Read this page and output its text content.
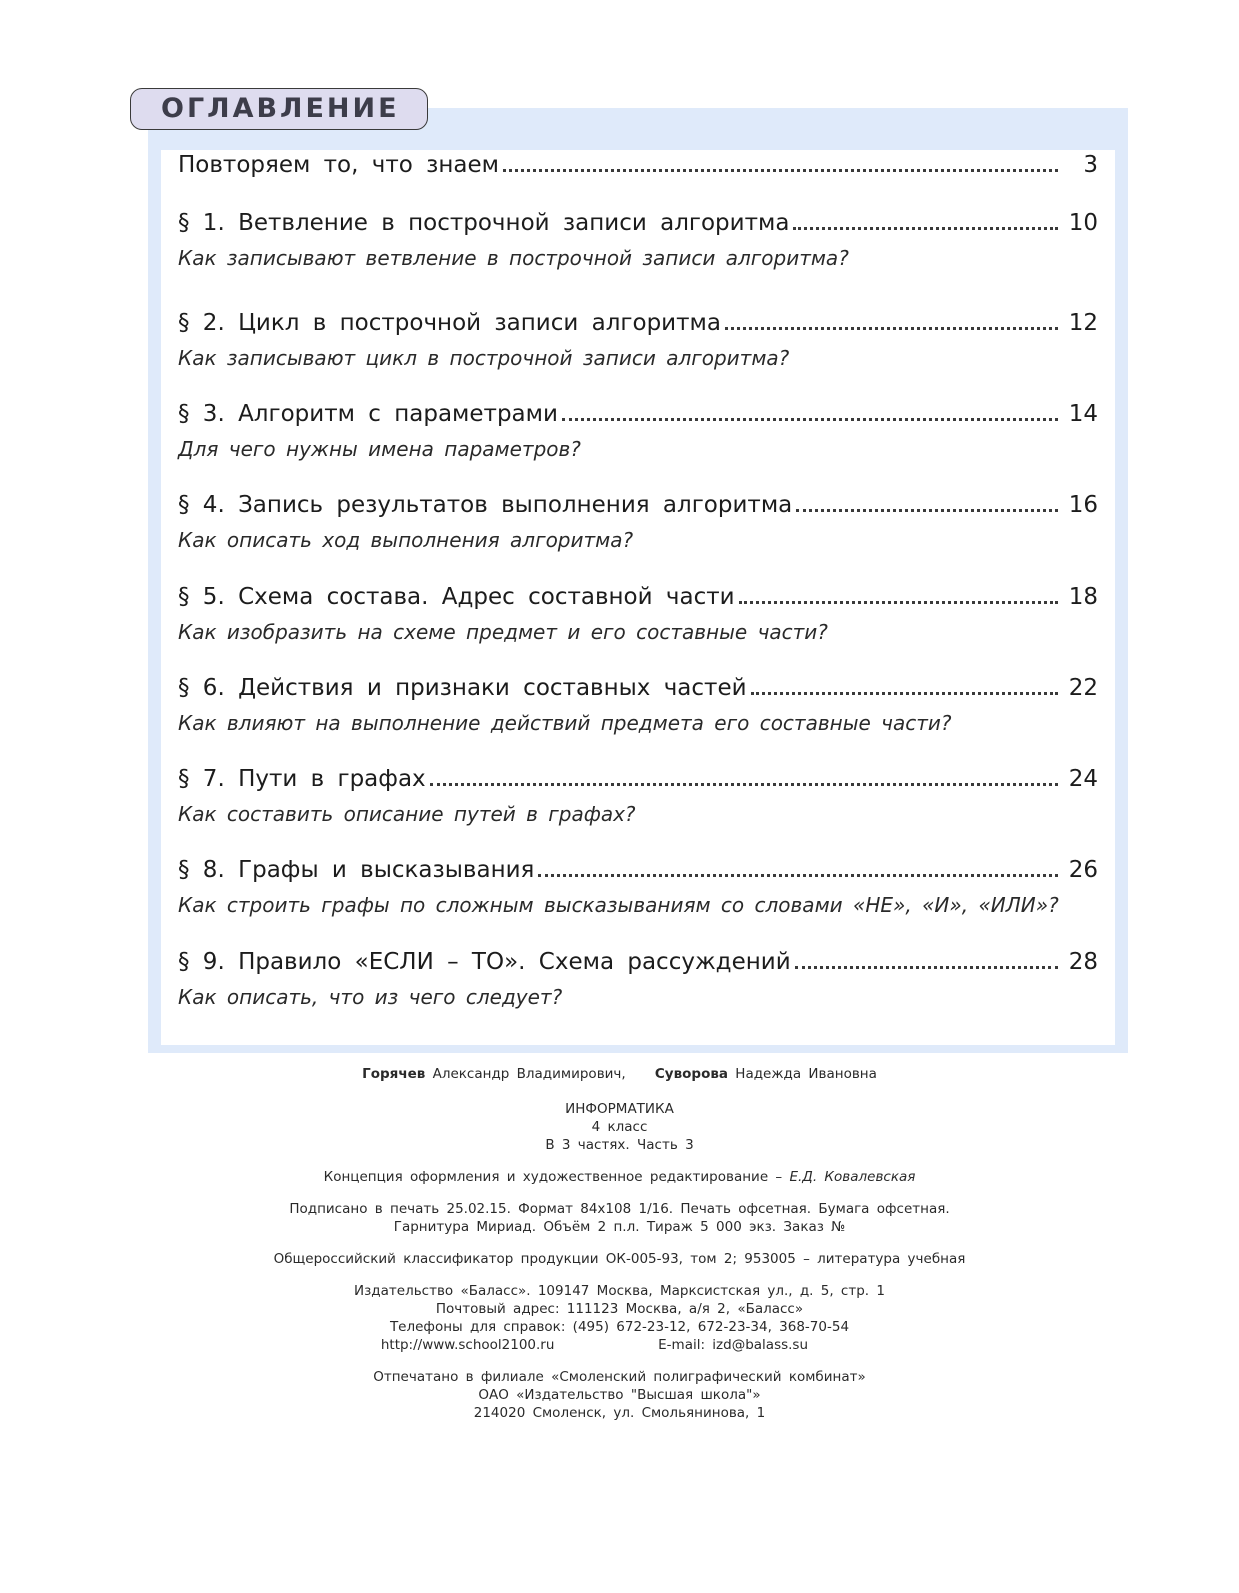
ОГЛАВЛЕНИЕ
Повторяем то, что знаем	3
§ 1. Ветвление в построчной записи алгоритма	10
Как записывают ветвление в построчной записи алгоритма?
§ 2. Цикл в построчной записи алгоритма	12
Как записывают цикл в построчной записи алгоритма?
§ 3. Алгоритм с параметрами	14
Для чего нужны имена параметров?
§ 4. Запись результатов выполнения алгоритма	16
Как описать ход выполнения алгоритма?
§ 5. Схема состава. Адрес составной части	18
Как изобразить на схеме предмет и его составные части?
§ 6. Действия и признаки составных частей	22
Как влияют на выполнение действий предмета его составные части?
§ 7. Пути в графах	24
Как составить описание путей в графах?
§ 8. Графы и высказывания	26
Как строить графы по сложным высказываниям со словами «НЕ», «И», «ИЛИ»?
§ 9. Правило «ЕСЛИ – ТО». Схема рассуждений	28
Как описать, что из чего следует?
Горячев Александр Владимирович, Суворова Надежда Ивановна
ИНФОРМАТИКА
4 класс
В 3 частях. Часть 3
Концепция оформления и художественное редактирование – Е.Д. Ковалевская
Подписано в печать 25.02.15. Формат 84х108 1/16. Печать офсетная. Бумага офсетная.
Гарнитура Мириад. Объём 2 п.л. Тираж 5 000 экз. Заказ №
Общероссийский классификатор продукции ОК-005-93, том 2; 953005 – литература учебная
Издательство «Баласс». 109147 Москва, Марксистская ул., д. 5, стр. 1
Почтовый адрес: 111123 Москва, а/я 2, «Баласс»
Телефоны для справок: (495) 672-23-12, 672-23-34, 368-70-54
http://www.school2100.ru	E-mail: izd@balass.su
Отпечатано в филиале «Смоленский полиграфический комбинат»
ОАО «Издательство "Высшая школа"»
214020 Смоленск, ул. Смольянинова, 1
